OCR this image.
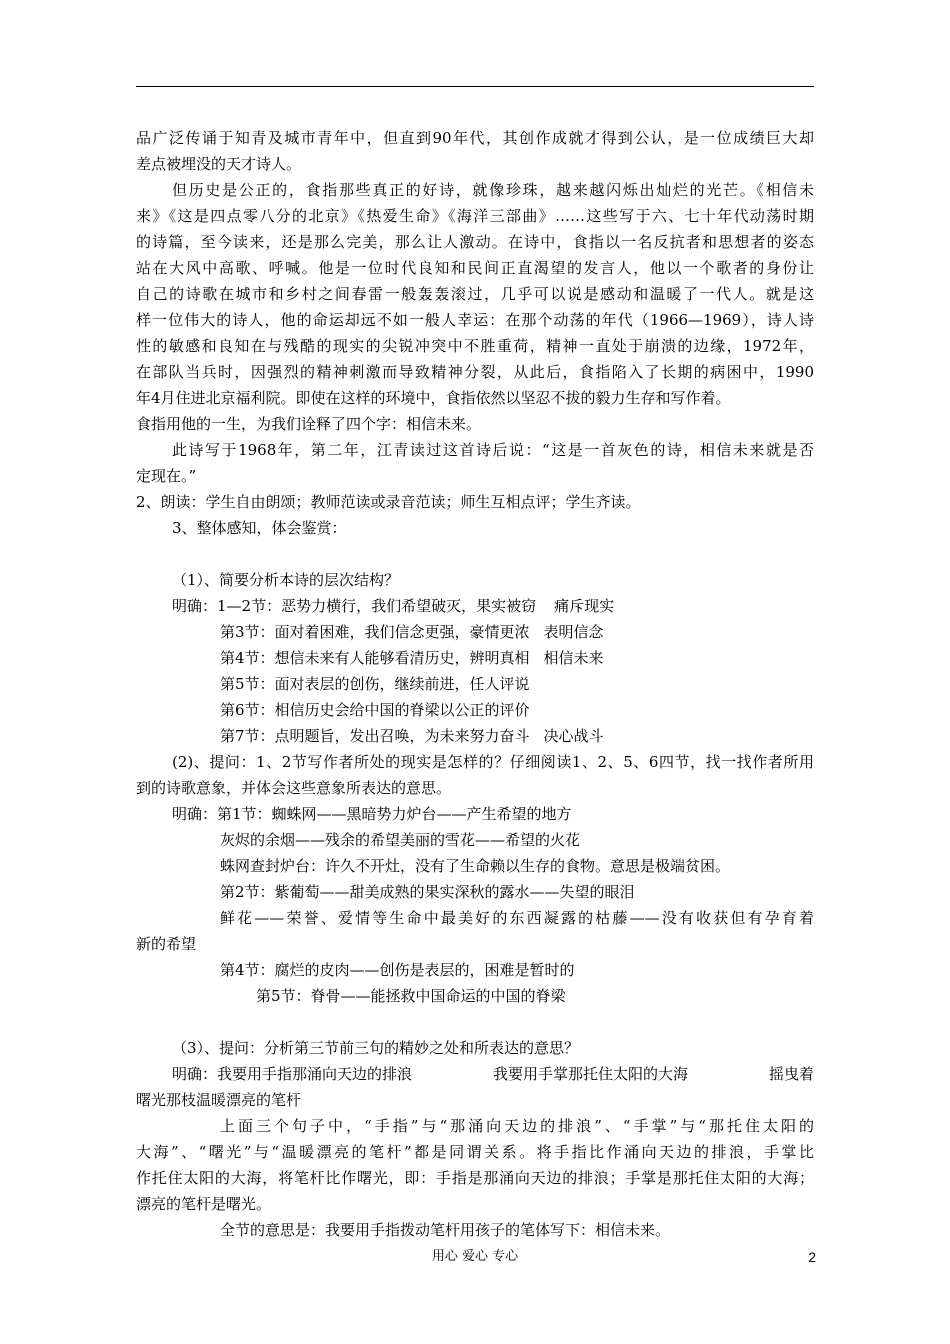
品广泛传诵于知青及城市青年中，但直到90年代，其创作成就才得到公认，是一位成绩巨大却
差点被埋没的天才诗人。
但历史是公正的，食指那些真正的好诗，就像珍珠，越来越闪烁出灿烂的光芒。《相信未
来》《这是四点零八分的北京》《热爱生命》《海洋三部曲》……这些写于六、七十年代动荡时期
的诗篇，至今读来，还是那么完美，那么让人激动。在诗中，食指以一名反抗者和思想者的姿态
站在大风中高歌、呼喊。他是一位时代良知和民间正直渴望的发言人，他以一个歌者的身份让
自己的诗歌在城市和乡村之间春雷一般轰轰滚过，几乎可以说是感动和温暖了一代人。就是这
样一位伟大的诗人，他的命运却远不如一般人幸运：在那个动荡的年代（1966—1969），诗人诗
性的敏感和良知在与残酷的现实的尖锐冲突中不胜重荷，精神一直处于崩溃的边缘，1972年，
在部队当兵时，因强烈的精神刺激而导致精神分裂，从此后，食指陷入了长期的病困中，1990
年4月住进北京福利院。即使在这样的环境中，食指依然以坚忍不拔的毅力生存和写作着。
食指用他的一生，为我们诠释了四个字：相信未来。
此诗写于1968年，第二年，江青读过这首诗后说：“这是一首灰色的诗，相信未来就是否
定现在。”
2、朗读：学生自由朗颂；教师范读或录音范读；师生互相点评；学生齐读。
3、整体感知，体会鉴赏：
（1）、简要分析本诗的层次结构？
明确：1—2节：恶势力横行，我们希望破灭，果实被窃 痛斥现实
第3节：面对着困难，我们信念更强，豪情更浓 表明信念
第4节：想信未来有人能够看清历史，辨明真相 相信未来
第5节：面对表层的创伤，继续前进，任人评说
第6节：相信历史会给中国的脊梁以公正的评价
第7节：点明题旨，发出召唤，为未来努力奋斗 决心战斗
(2)、提问：1、2节写作者所处的现实是怎样的？仔细阅读1、2、5、6四节，找一找作者所用
到的诗歌意象，并体会这些意象所表达的意思。
明确：第1节：蜘蛛网——黑暗势力炉台——产生希望的地方
灰烬的余烟——残余的希望美丽的雪花——希望的火花
蛛网查封炉台：许久不开灶，没有了生命赖以生存的食物。意思是极端贫困。
第2节：紫葡萄——甜美成熟的果实深秋的露水——失望的眼泪
鲜花——荣誉、爱情等生命中最美好的东西凝露的枯藤——没有收获但有孕育着
新的希望
第4节：腐烂的皮肉——创伤是表层的，困难是暂时的
第5节：脊骨——能拯救中国命运的中国的脊梁
（3）、提问：分析第三节前三句的精妙之处和所表达的意思？
明确：我要用手指那涌向天边的排浪	我要用手掌那托住太阳的大海	摇曳着
曙光那枝温暖漂亮的笔杆
上面三个句子中，“手指”与“那涌向天边的排浪”、“手掌”与“那托住太阳的
大海”、“曙光”与“温暖漂亮的笔杆”都是同谓关系。将手指比作涌向天边的排浪，手掌比
作托住太阳的大海，将笔杆比作曙光，即：手指是那涌向天边的排浪；手掌是那托住太阳的大海；
漂亮的笔杆是曙光。
全节的意思是：我要用手指拨动笔杆用孩子的笔体写下：相信未来。
用心 爱心 专心	2
